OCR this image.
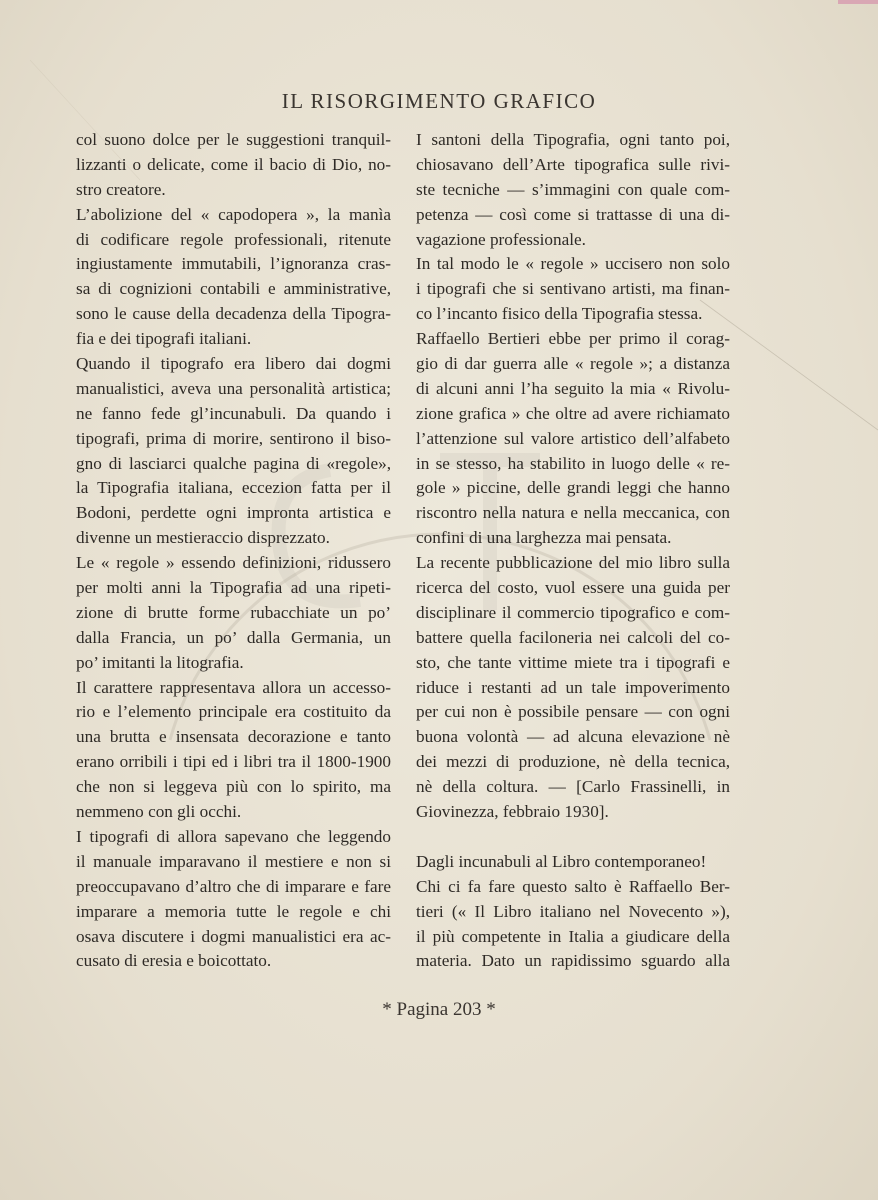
IL RISORGIMENTO GRAFICO
col suono dolce per le suggestioni tranquil-
lizzanti o delicate, come il bacio di Dio, no-
stro creatore.
L’abolizione del « capodopera », la manìa
di codificare regole professionali, ritenute
ingiustamente immutabili, l’ignoranza cras-
sa di cognizioni contabili e amministrative,
sono le cause della decadenza della Tipogra-
fia e dei tipografi italiani.
Quando il tipografo era libero dai dogmi
manualistici, aveva una personalità artistica;
ne fanno fede gl’incunabuli. Da quando i
tipografi, prima di morire, sentirono il biso-
gno di lasciarci qualche pagina di «regole»,
la Tipografia italiana, eccezion fatta per il
Bodoni, perdette ogni impronta artistica e
divenne un mestieraccio disprezzato.
Le « regole » essendo definizioni, ridussero
per molti anni la Tipografia ad una ripeti-
zione di brutte forme rubacchiate un po’
dalla Francia, un po’ dalla Germania, un
po’ imitanti la litografia.
Il carattere rappresentava allora un accesso-
rio e l’elemento principale era costituito da
una brutta e insensata decorazione e tanto
erano orribili i tipi ed i libri tra il 1800-1900
che non si leggeva più con lo spirito, ma
nemmeno con gli occhi.
I tipografi di allora sapevano che leggendo
il manuale imparavano il mestiere e non si
preoccupavano d’altro che di imparare e fare
imparare a memoria tutte le regole e chi
osava discutere i dogmi manualistici era ac-
cusato di eresia e boicottato.
I santoni della Tipografia, ogni tanto poi,
chiosavano dell’Arte tipografica sulle rivi-
ste tecniche — s’immagini con quale com-
petenza — così come si trattasse di una di-
vagazione professionale.
In tal modo le « regole » uccisero non solo
i tipografi che si sentivano artisti, ma finan-
co l’incanto fisico della Tipografia stessa.
Raffaello Bertieri ebbe per primo il corag-
gio di dar guerra alle « regole »; a distanza
di alcuni anni l’ha seguito la mia « Rivolu-
zione grafica » che oltre ad avere richiamato
l’attenzione sul valore artistico dell’alfabeto
in se stesso, ha stabilito in luogo delle « re-
gole » piccine, delle grandi leggi che hanno
riscontro nella natura e nella meccanica, con
confini di una larghezza mai pensata.
La recente pubblicazione del mio libro sulla
ricerca del costo, vuol essere una guida per
disciplinare il commercio tipografico e com-
battere quella faciloneria nei calcoli del co-
sto, che tante vittime miete tra i tipografi e
riduce i restanti ad un tale impoverimento
per cui non è possibile pensare — con ogni
buona volontà — ad alcuna elevazione nè
dei mezzi di produzione, nè della tecnica,
nè della coltura. — [Carlo Frassinelli, in
Giovinezza, febbraio 1930].
Dagli incunabuli al Libro contemporaneo!
Chi ci fa fare questo salto è Raffaello Ber-
tieri (« Il Libro italiano nel Novecento »),
il più competente in Italia a giudicare della
materia. Dato un rapidissimo sguardo alla
* Pagina 203 *
